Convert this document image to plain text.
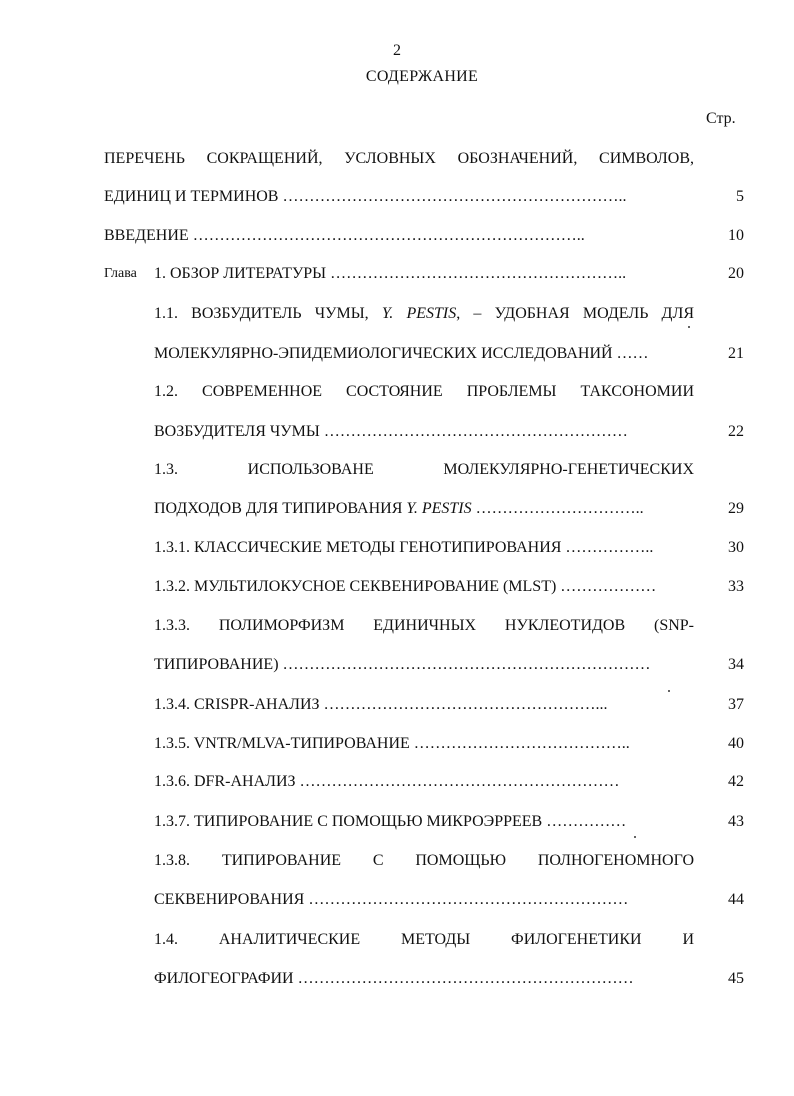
2
СОДЕРЖАНИЕ
Стр.
ПЕРЕЧЕНЬ СОКРАЩЕНИЙ, УСЛОВНЫХ ОБОЗНАЧЕНИЙ, СИМВОЛОВ,
ЕДИНИЦ И ТЕРМИНОВ ………………………………………………………..	5
ВВЕДЕНИЕ ………………………………………………………………..	10
Глава 1. ОБЗОР ЛИТЕРАТУРЫ ………………………………………………..	20
1.1. ВОЗБУДИТЕЛЬ ЧУМЫ, Y. PESTIS, – УДОБНАЯ МОДЕЛЬ ДЛЯ
МОЛЕКУЛЯРНО-ЭПИДЕМИОЛОГИЧЕСКИХ ИССЛЕДОВАНИЙ ……	21
1.2. СОВРЕМЕННОЕ СОСТОЯНИЕ ПРОБЛЕМЫ ТАКСОНОМИИ
ВОЗБУДИТЕЛЯ ЧУМЫ …………………………………………………	22
1.3. ИСПОЛЬЗОВАНЕ МОЛЕКУЛЯРНО-ГЕНЕТИЧЕСКИХ
ПОДХОДОВ ДЛЯ ТИПИРОВАНИЯ Y. PESTIS …………………………..	29
1.3.1. КЛАССИЧЕСКИЕ МЕТОДЫ ГЕНОТИПИРОВАНИЯ ……………..	30
1.3.2. МУЛЬТИЛОКУСНОЕ СЕКВЕНИРОВАНИЕ (MLST) ………………	33
1.3.3. ПОЛИМОРФИЗМ ЕДИНИЧНЫХ НУКЛЕОТИДОВ (SNP-
ТИПИРОВАНИЕ) ……………………………………………………………	34
1.3.4. CRISPR-АНАЛИЗ ……………………………………………...	37
1.3.5. VNTR/MLVA-ТИПИРОВАНИЕ …………………………………..	40
1.3.6. DFR-АНАЛИЗ ……………………………………………………	42
1.3.7. ТИПИРОВАНИЕ С ПОМОЩЬЮ МИКРОЭРРЕЕВ ……………	43
1.3.8. ТИПИРОВАНИЕ С ПОМОЩЬЮ ПОЛНОГЕНОМНОГО
СЕКВЕНИРОВАНИЯ ……………………………………………………	44
1.4. АНАЛИТИЧЕСКИЕ МЕТОДЫ ФИЛОГЕНЕТИКИ И
ФИЛОГЕОГРАФИИ ………………………………………………………	45
